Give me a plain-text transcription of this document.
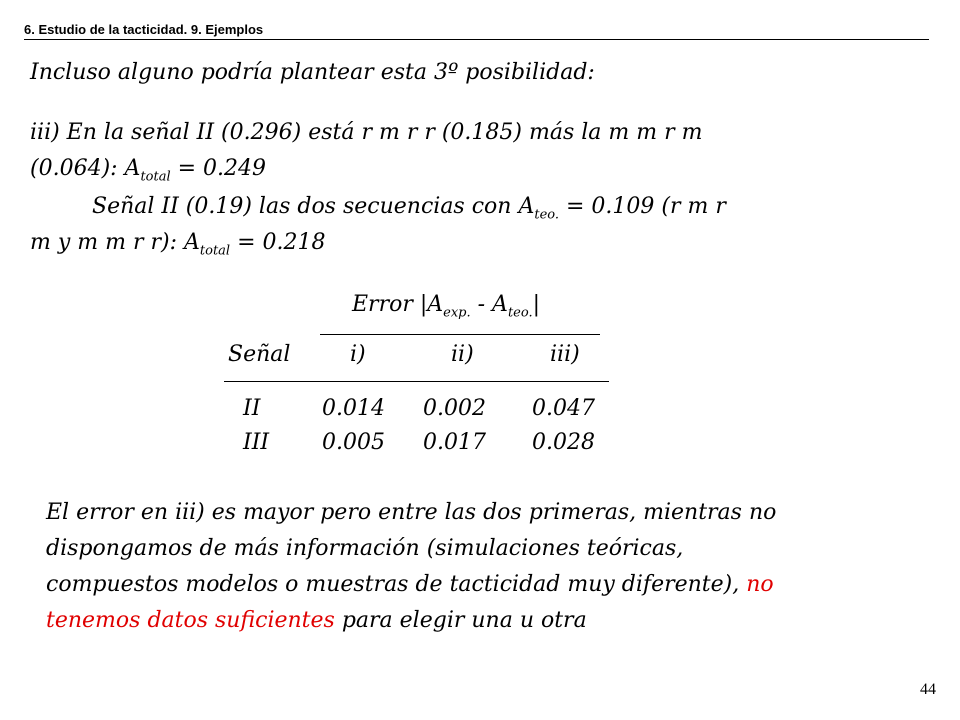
6. Estudio de la tacticidad. 9. Ejemplos
Incluso alguno podría plantear esta 3º posibilidad:
iii) En la señal II (0.296) está r m r r (0.185) más la m m r m
(0.064): $A_{total} = 0.249$
Señal II (0.19) las dos secuencias con $A_{teo.} = 0.109$ (r m r
m y m m r r): $A_{total} = 0.218$
Error $|A_{exp.} - A_{teo.}|$
Señal	i)	ii)	iii)
II	0.014 0.002 0.047
III 0.005 0.017 0.028
El error en iii) es mayor pero entre las dos primeras, mientras no
dispongamos de más información (simulaciones teóricas,
compuestos modelos o muestras de tacticidad muy diferente), no
tenemos datos suficientes para elegir una u otra
44
